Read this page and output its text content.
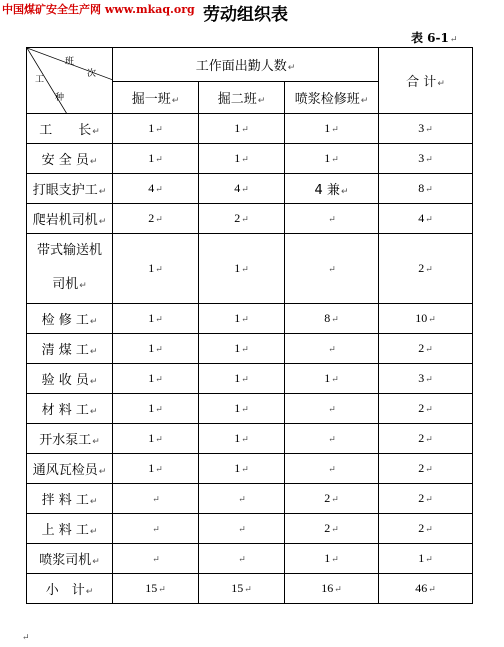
中国煤矿安全生产网 www.mkaq.org 劳动组织表
表 6-1↵
班
次
工
种	工作面出勤人数↵			合 计↵
	掘一班↵	掘二班↵	喷浆检修班↵	
工　　长↵	1↵	1↵	1↵	3↵
安 全 员↵	1↵	1↵	1↵	3↵
打眼支护工↵	4↵	4↵	4 兼↵	8↵
爬岩机司机↵	2↵	2↵	↵	4↵
带式输送机司机↵	1↵	1↵	↵	2↵
检 修 工↵	1↵	1↵	8↵	10↵
清 煤 工↵	1↵	1↵	↵	2↵
验 收 员↵	1↵	1↵	1↵	3↵
材 料 工↵	1↵	1↵	↵	2↵
开水泵工↵	1↵	1↵	↵	2↵
通风瓦检员↵	1↵	1↵	↵	2↵
拌 料 工↵	↵	↵	2↵	2↵
上 料 工↵	↵	↵	2↵	2↵
喷浆司机↵	↵	↵	1↵	1↵
小　计↵	15↵	15↵	16↵	46↵
↵
